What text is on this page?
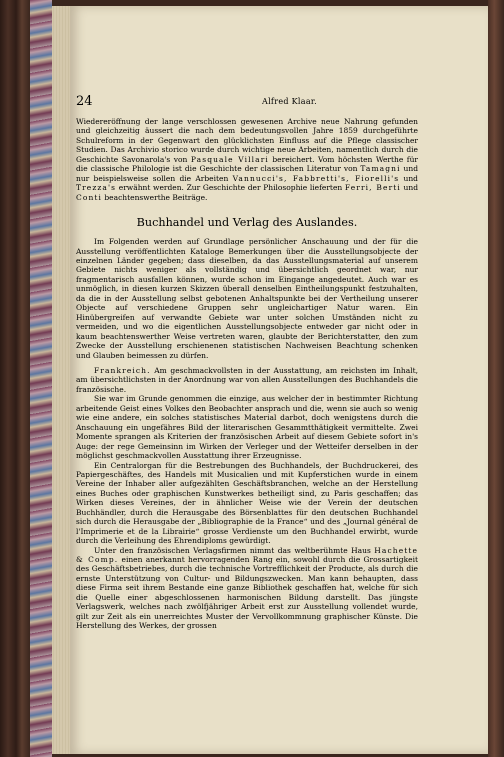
24	Alfred Klaar.

Wiedereröffnung der lange verschlossen gewesenen Archive neue Nahrung gefunden und gleichzeitig äussert die nach dem bedeutungsvollen Jahre 1859 durchgeführte Schulreform in der Gegenwart den glücklichsten Einfluss auf die Pflege classischer Studien. Das Archivio storico wurde durch wichtige neue Arbeiten, namentlich durch die Geschichte Savonarola's von Pasquale Villari bereichert. Vom höchsten Werthe für die classische Philologie ist die Geschichte der classischen Literatur von Tamagni und nur beispielsweise sollen die Arbeiten Vannucci's, Fabbretti's, Fiorelli's und Trezza's erwähnt werden. Zur Geschichte der Philosophie lieferten Ferri, Berti und Conti beachtenswerthe Beiträge.

Buchhandel und Verlag des Auslandes.

Im Folgenden werden auf Grundlage persönlicher Anschauung und der für die Ausstellung veröffentlichten Kataloge Bemerkungen über die Ausstellungsobjecte der einzelnen Länder gegeben; dass dieselben, da das Ausstellungsmaterial auf unserem Gebiete nichts weniger als vollständig und übersichtlich geordnet war, nur fragmentarisch ausfallen können, wurde schon im Eingange angedeutet. Auch war es unmöglich, in diesen kurzen Skizzen überall denselben Eintheilungspunkt festzuhalten, da die in der Ausstellung selbst gebotenen Anhaltspunkte bei der Vertheilung unserer Objecte auf verschiedene Gruppen sehr ungleichartiger Natur waren. Ein Hinübergreifen auf verwandte Gebiete war unter solchen Umständen nicht zu vermeiden, und wo die eigentlichen Ausstellungsobjecte entweder gar nicht oder in kaum beachtenswerther Weise vertreten waren, glaubte der Berichterstatter, den zum Zwecke der Ausstellung erschienenen statistischen Nachweisen Beachtung schenken und Glauben beimessen zu dürfen.

Frankreich. Am geschmackvollsten in der Ausstattung, am reichsten im Inhalt, am übersichtlichsten in der Anordnung war von allen Ausstellungen des Buchhandels die französische.

Sie war im Grunde genommen die einzige, aus welcher der in bestimmter Richtung arbeitende Geist eines Volkes den Beobachter ansprach und die, wenn sie auch so wenig wie eine andere, ein solches statistisches Material darbot, doch wenigstens durch die Anschauung ein ungefähres Bild der literarischen Gesammtthätigkeit vermittelte. Zwei Momente sprangen als Kriterien der französischen Arbeit auf diesem Gebiete sofort in's Auge: der rege Gemeinsinn im Wirken der Verleger und der Wetteifer derselben in der möglichst geschmackvollen Ausstattung ihrer Erzeugnisse.

Ein Centralorgan für die Bestrebungen des Buchhandels, der Buchdruckerei, des Papiergeschäftes, des Handels mit Musicalien und mit Kupferstichen wurde in einem Vereine der Inhaber aller aufgezählten Geschäftsbranchen, welche an der Herstellung eines Buches oder graphischen Kunstwerkes betheiligt sind, zu Paris geschaffen; das Wirken dieses Vereines, der in ähnlicher Weise wie der Verein der deutschen Buchhändler, durch die Herausgabe des Börsenblattes für den deutschen Buchhandel sich durch die Herausgabe der „Bibliographie de la France“ und des „Journal général de l'Imprimerie et de la Librairie“ grosse Verdienste um den Buchhandel erwirbt, wurde durch die Verleihung des Ehrendiploms gewürdigt.

Unter den französischen Verlagsfirmen nimmt das weltberühmte Haus Hachette & Comp. einen anerkannt hervorragenden Rang ein, sowohl durch die Grossartigkeit des Geschäftsbetriebes, durch die technische Vortrefflichkeit der Producte, als durch die ernste Unterstützung von Cultur- und Bildungszwecken. Man kann behaupten, dass diese Firma seit ihrem Bestande eine ganze Bibliothek geschaffen hat, welche für sich die Quelle einer abgeschlossenen harmonischen Bildung darstellt. Das jüngste Verlagswerk, welches nach zwölfjähriger Arbeit erst zur Ausstellung vollendet wurde, gilt zur Zeit als ein unerreichtes Muster der Vervollkommnung graphischer Künste. Die Herstellung des Werkes, der grossen
